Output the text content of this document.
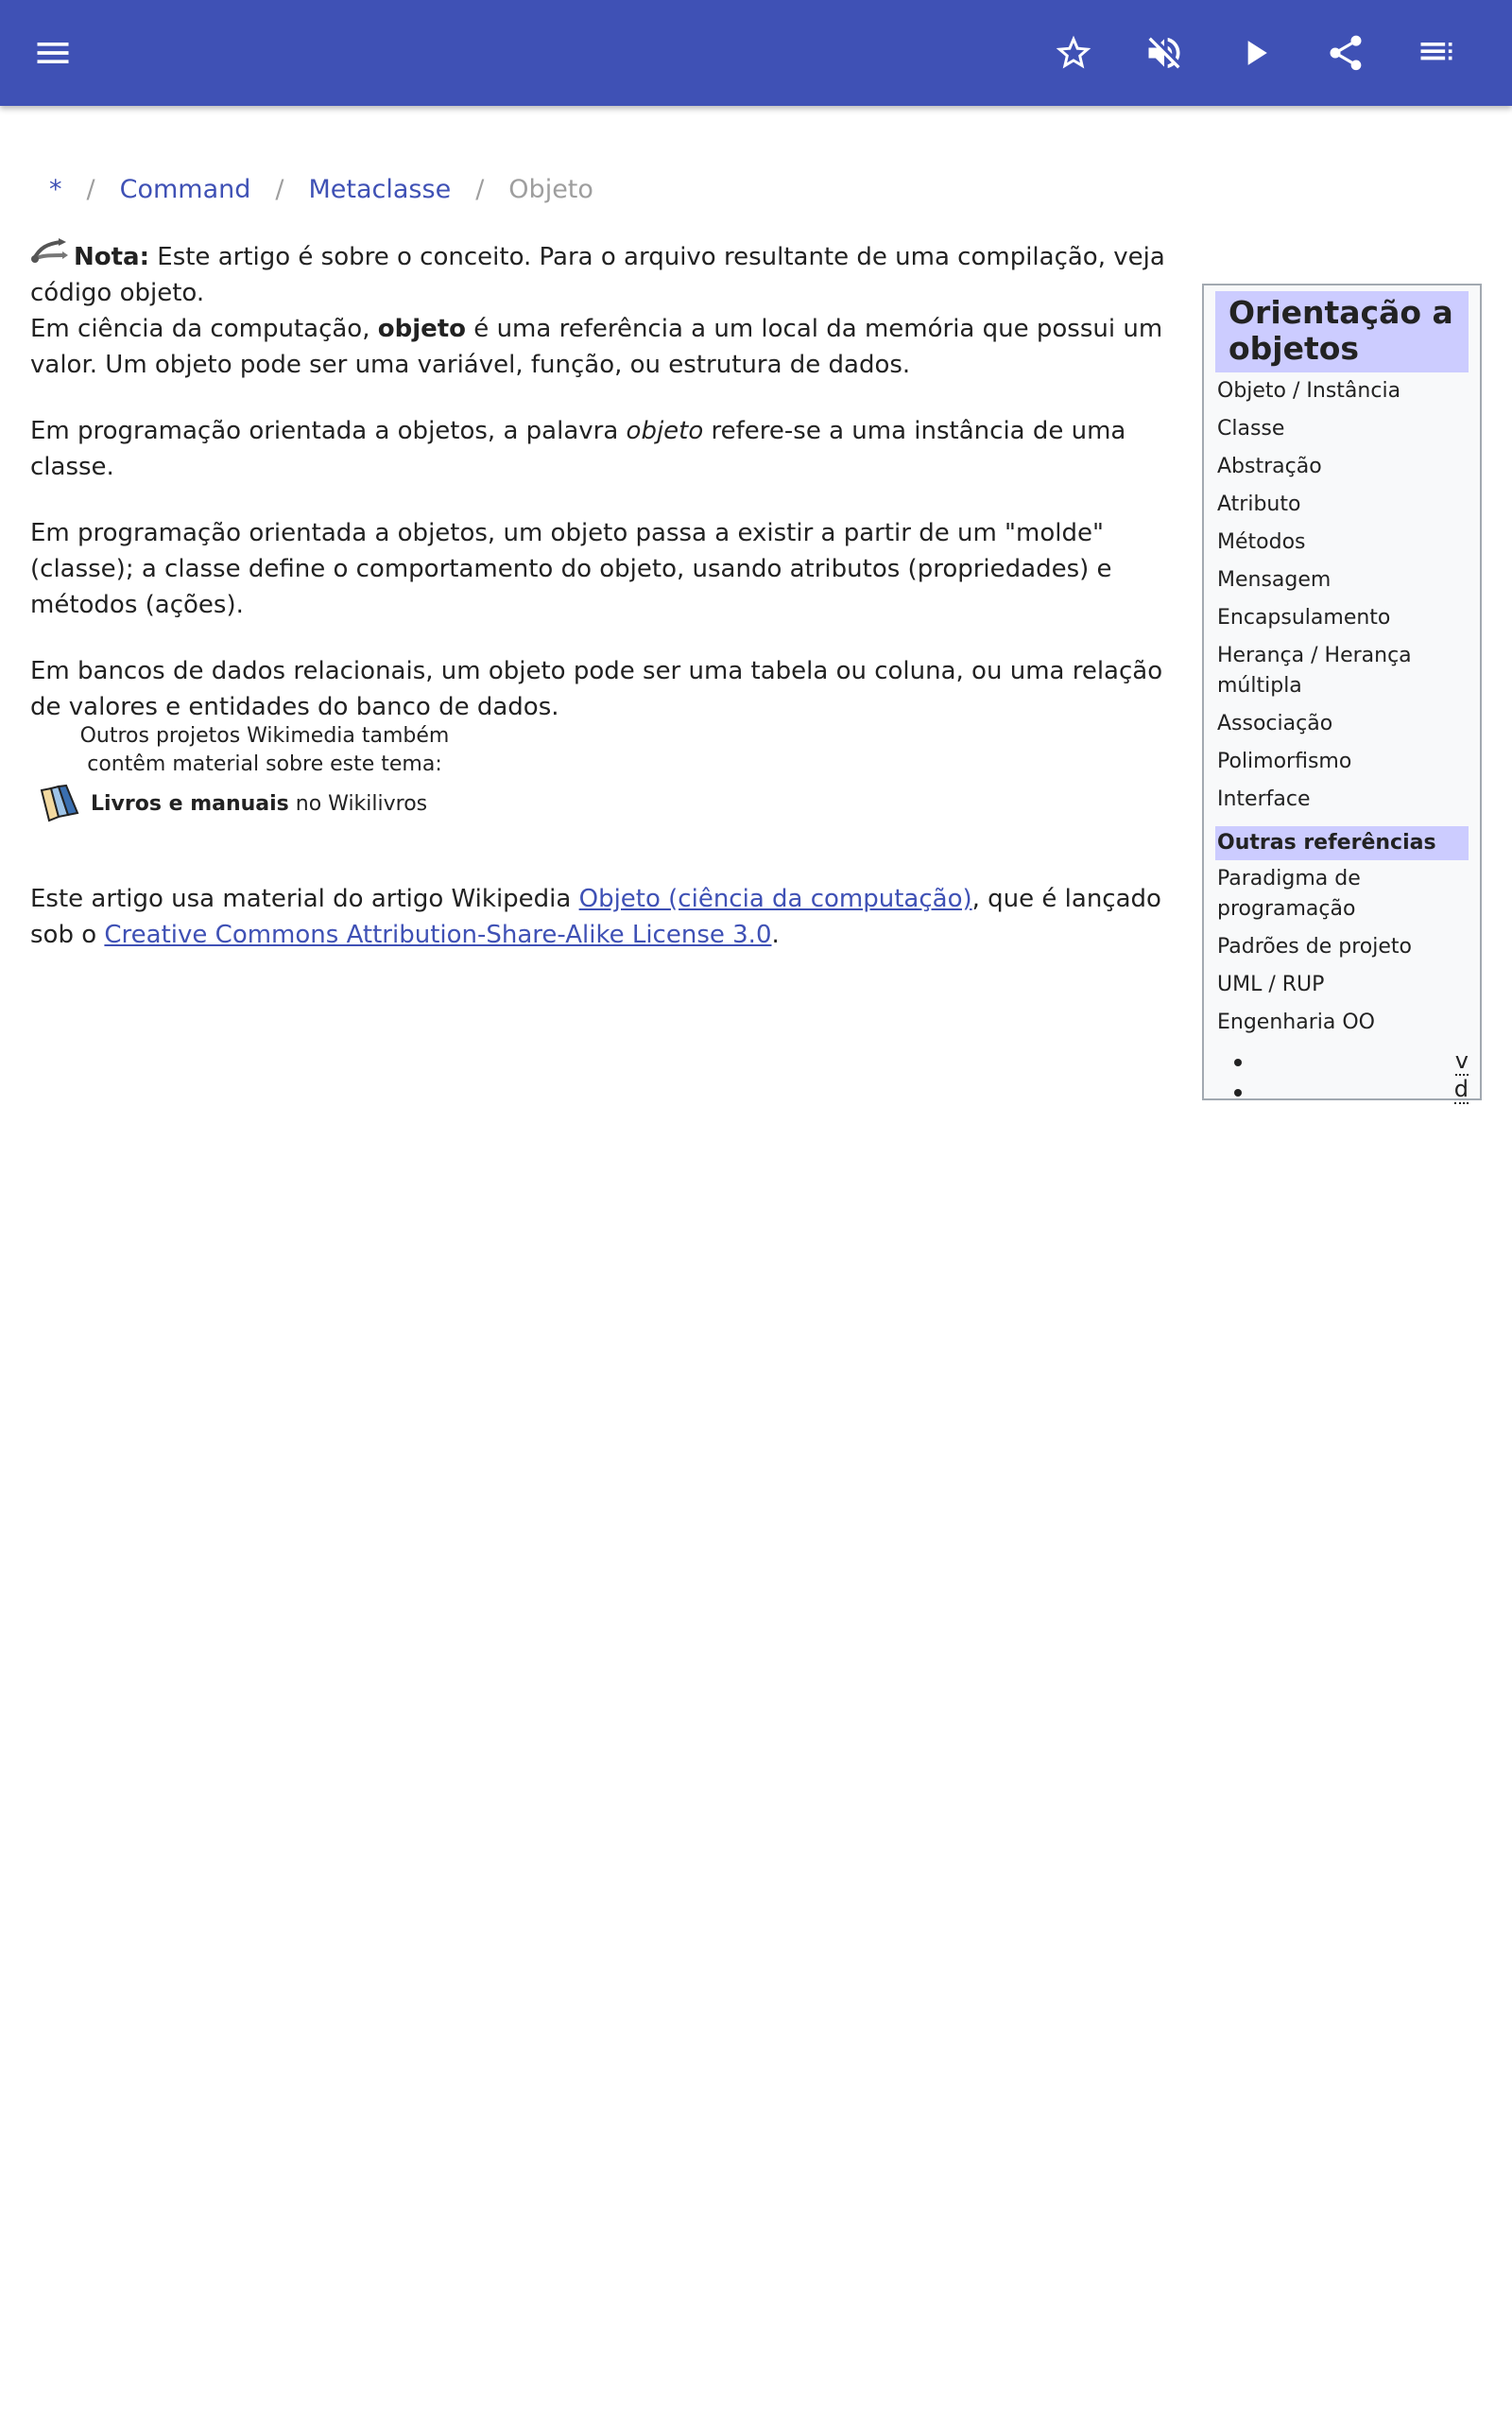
* / Command / Metaclasse / Objeto

Nota: Este artigo é sobre o conceito. Para o arquivo resultante de uma compilação, veja código objeto.

Em ciência da computação, objeto é uma referência a um local da memória que possui um valor. Um objeto pode ser uma variável, função, ou estrutura de dados.

Em programação orientada a objetos, a palavra objeto refere-se a uma instância de uma classe.

Em programação orientada a objetos, um objeto passa a existir a partir de um "molde" (classe); a classe define o comportamento do objeto, usando atributos (propriedades) e métodos (ações).

Em bancos de dados relacionais, um objeto pode ser uma tabela ou coluna, ou uma relação de valores e entidades do banco de dados.

Outros projetos Wikimedia também contêm material sobre este tema:
Livros e manuais no Wikilivros
Este artigo usa material do artigo Wikipedia Objeto (ciência da computação), que é lançado sob o Creative Commons Attribution-Share-Alike License 3.0.
Orientação a objetos
Objeto / Instância
Classe
Abstração
Atributo
Métodos
Mensagem
Encapsulamento
Herança / Herança múltipla
Associação
Polimorfismo
Interface
Outras referências
Paradigma de programação
Padrões de projeto
UML / RUP
Engenharia OO
v
d
